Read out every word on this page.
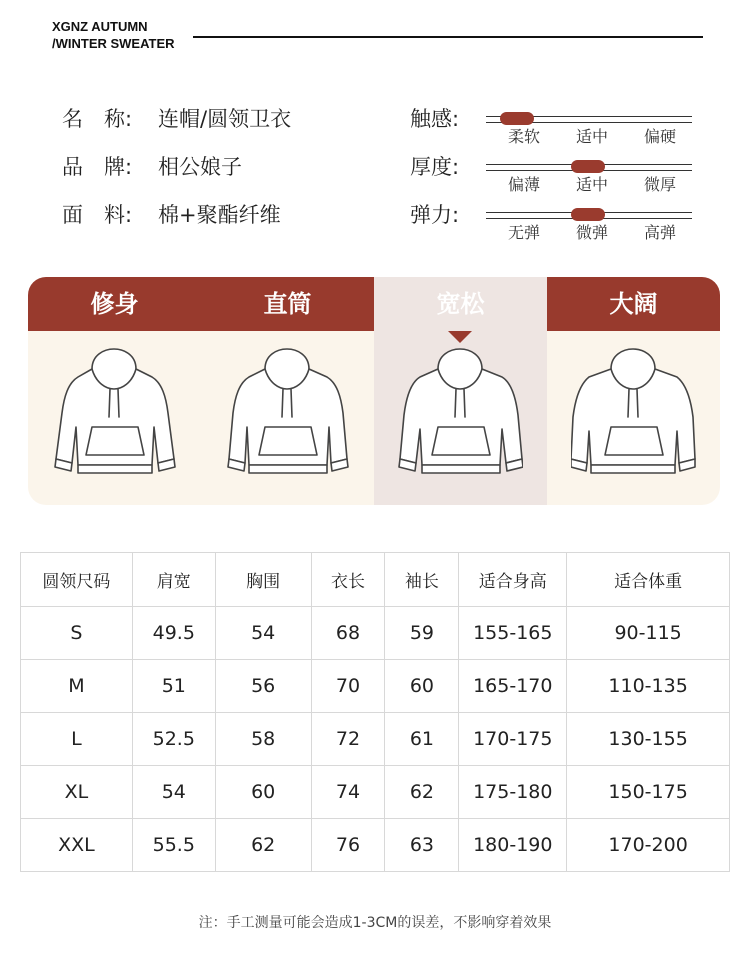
XGNZ AUTUMN
/WINTER SWEATER
名　称: 连帽/圆领卫衣
品　牌: 相公娘子
面　料: 棉+聚酯纤维
触感:
柔软	适中	偏硬
厚度:
偏薄	适中	微厚
弹力:
无弹	微弹	高弹
修身	直筒	宽松	大阔
圆领尺码	肩宽	胸围	衣长	袖长	适合身高	适合体重
S	49.5	54	68	59	155-165	90-115
M	51	56	70	60	165-170	110-135
L	52.5	58	72	61	170-175	130-155
XL	54	60	74	62	175-180	150-175
XXL	55.5	62	76	63	180-190	170-200
注：手工测量可能会造成1-3CM的误差，不影响穿着效果
